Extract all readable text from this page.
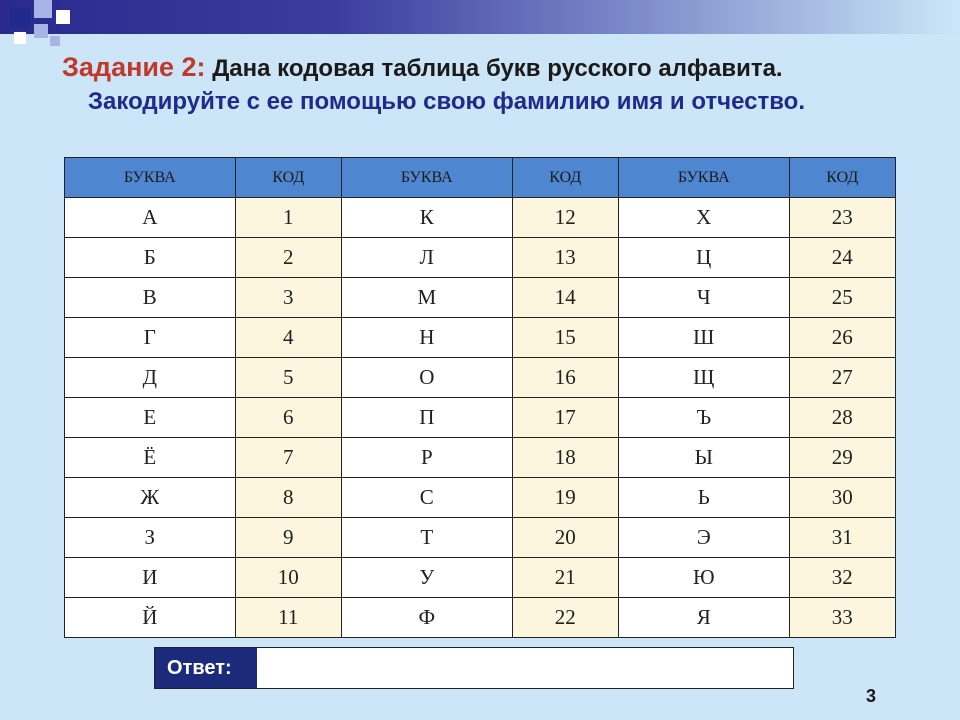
Задание 2: Дана кодовая таблица букв русского алфавита.
Закодируйте с ее помощью свою фамилию имя и отчество.
БУКВА	КОД	БУКВА	КОД	БУКВА	КОД
А	1	К	12	Х	23
Б	2	Л	13	Ц	24
В	3	М	14	Ч	25
Г	4	Н	15	Ш	26
Д	5	О	16	Щ	27
Е	6	П	17	Ъ	28
Ё	7	Р	18	Ы	29
Ж	8	С	19	Ь	30
З	9	Т	20	Э	31
И	10	У	21	Ю	32
Й	11	Ф	22	Я	33
Ответ:
3
